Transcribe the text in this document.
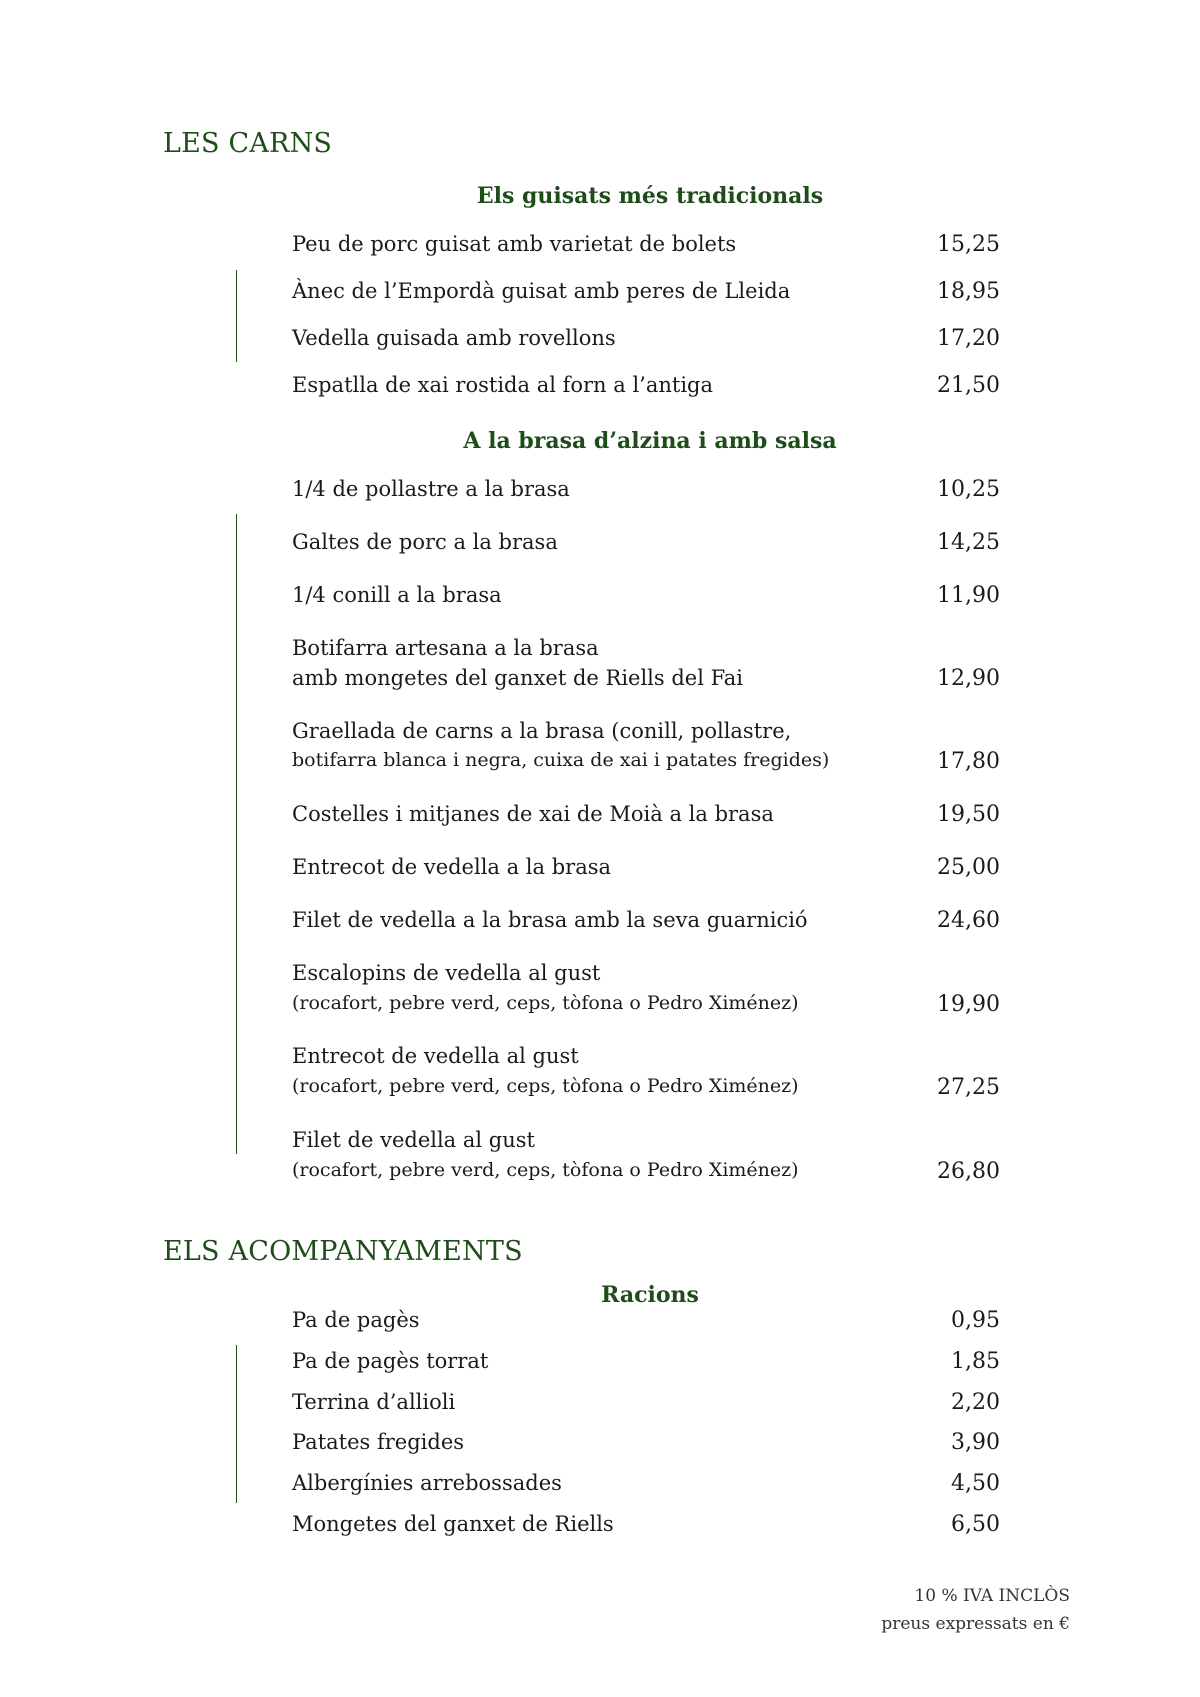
LES CARNS
Els guisats més tradicionals
Peu de porc guisat amb varietat de bolets	15,25
Ànec de l’Empordà guisat amb peres de Lleida	18,95
Vedella guisada amb rovellons	17,20
Espatlla de xai rostida al forn a l’antiga	21,50
A la brasa d’alzina i amb salsa
1/4 de pollastre a la brasa	10,25
Galtes de porc a la brasa	14,25
1/4 conill a la brasa	11,90
Botifarra artesana a la brasa
amb mongetes del ganxet de Riells del Fai	12,90
Graellada de carns a la brasa (conill, pollastre,
botifarra blanca i negra, cuixa de xai i patates fregides)	17,80
Costelles i mitjanes de xai de Moià a la brasa	19,50
Entrecot de vedella a la brasa	25,00
Filet de vedella a la brasa amb la seva guarnició	24,60
Escalopins de vedella al gust
(rocafort, pebre verd, ceps, tòfona o Pedro Ximénez)	19,90
Entrecot de vedella al gust
(rocafort, pebre verd, ceps, tòfona o Pedro Ximénez)	27,25
Filet de vedella al gust
(rocafort, pebre verd, ceps, tòfona o Pedro Ximénez)	26,80
ELS ACOMPANYAMENTS
Racions
Pa de pagès	0,95
Pa de pagès torrat	1,85
Terrina d’allioli	2,20
Patates fregides	3,90
Albergínies arrebossades	4,50
Mongetes del ganxet de Riells	6,50
10 % IVA INCLÒS
preus expressats en €
